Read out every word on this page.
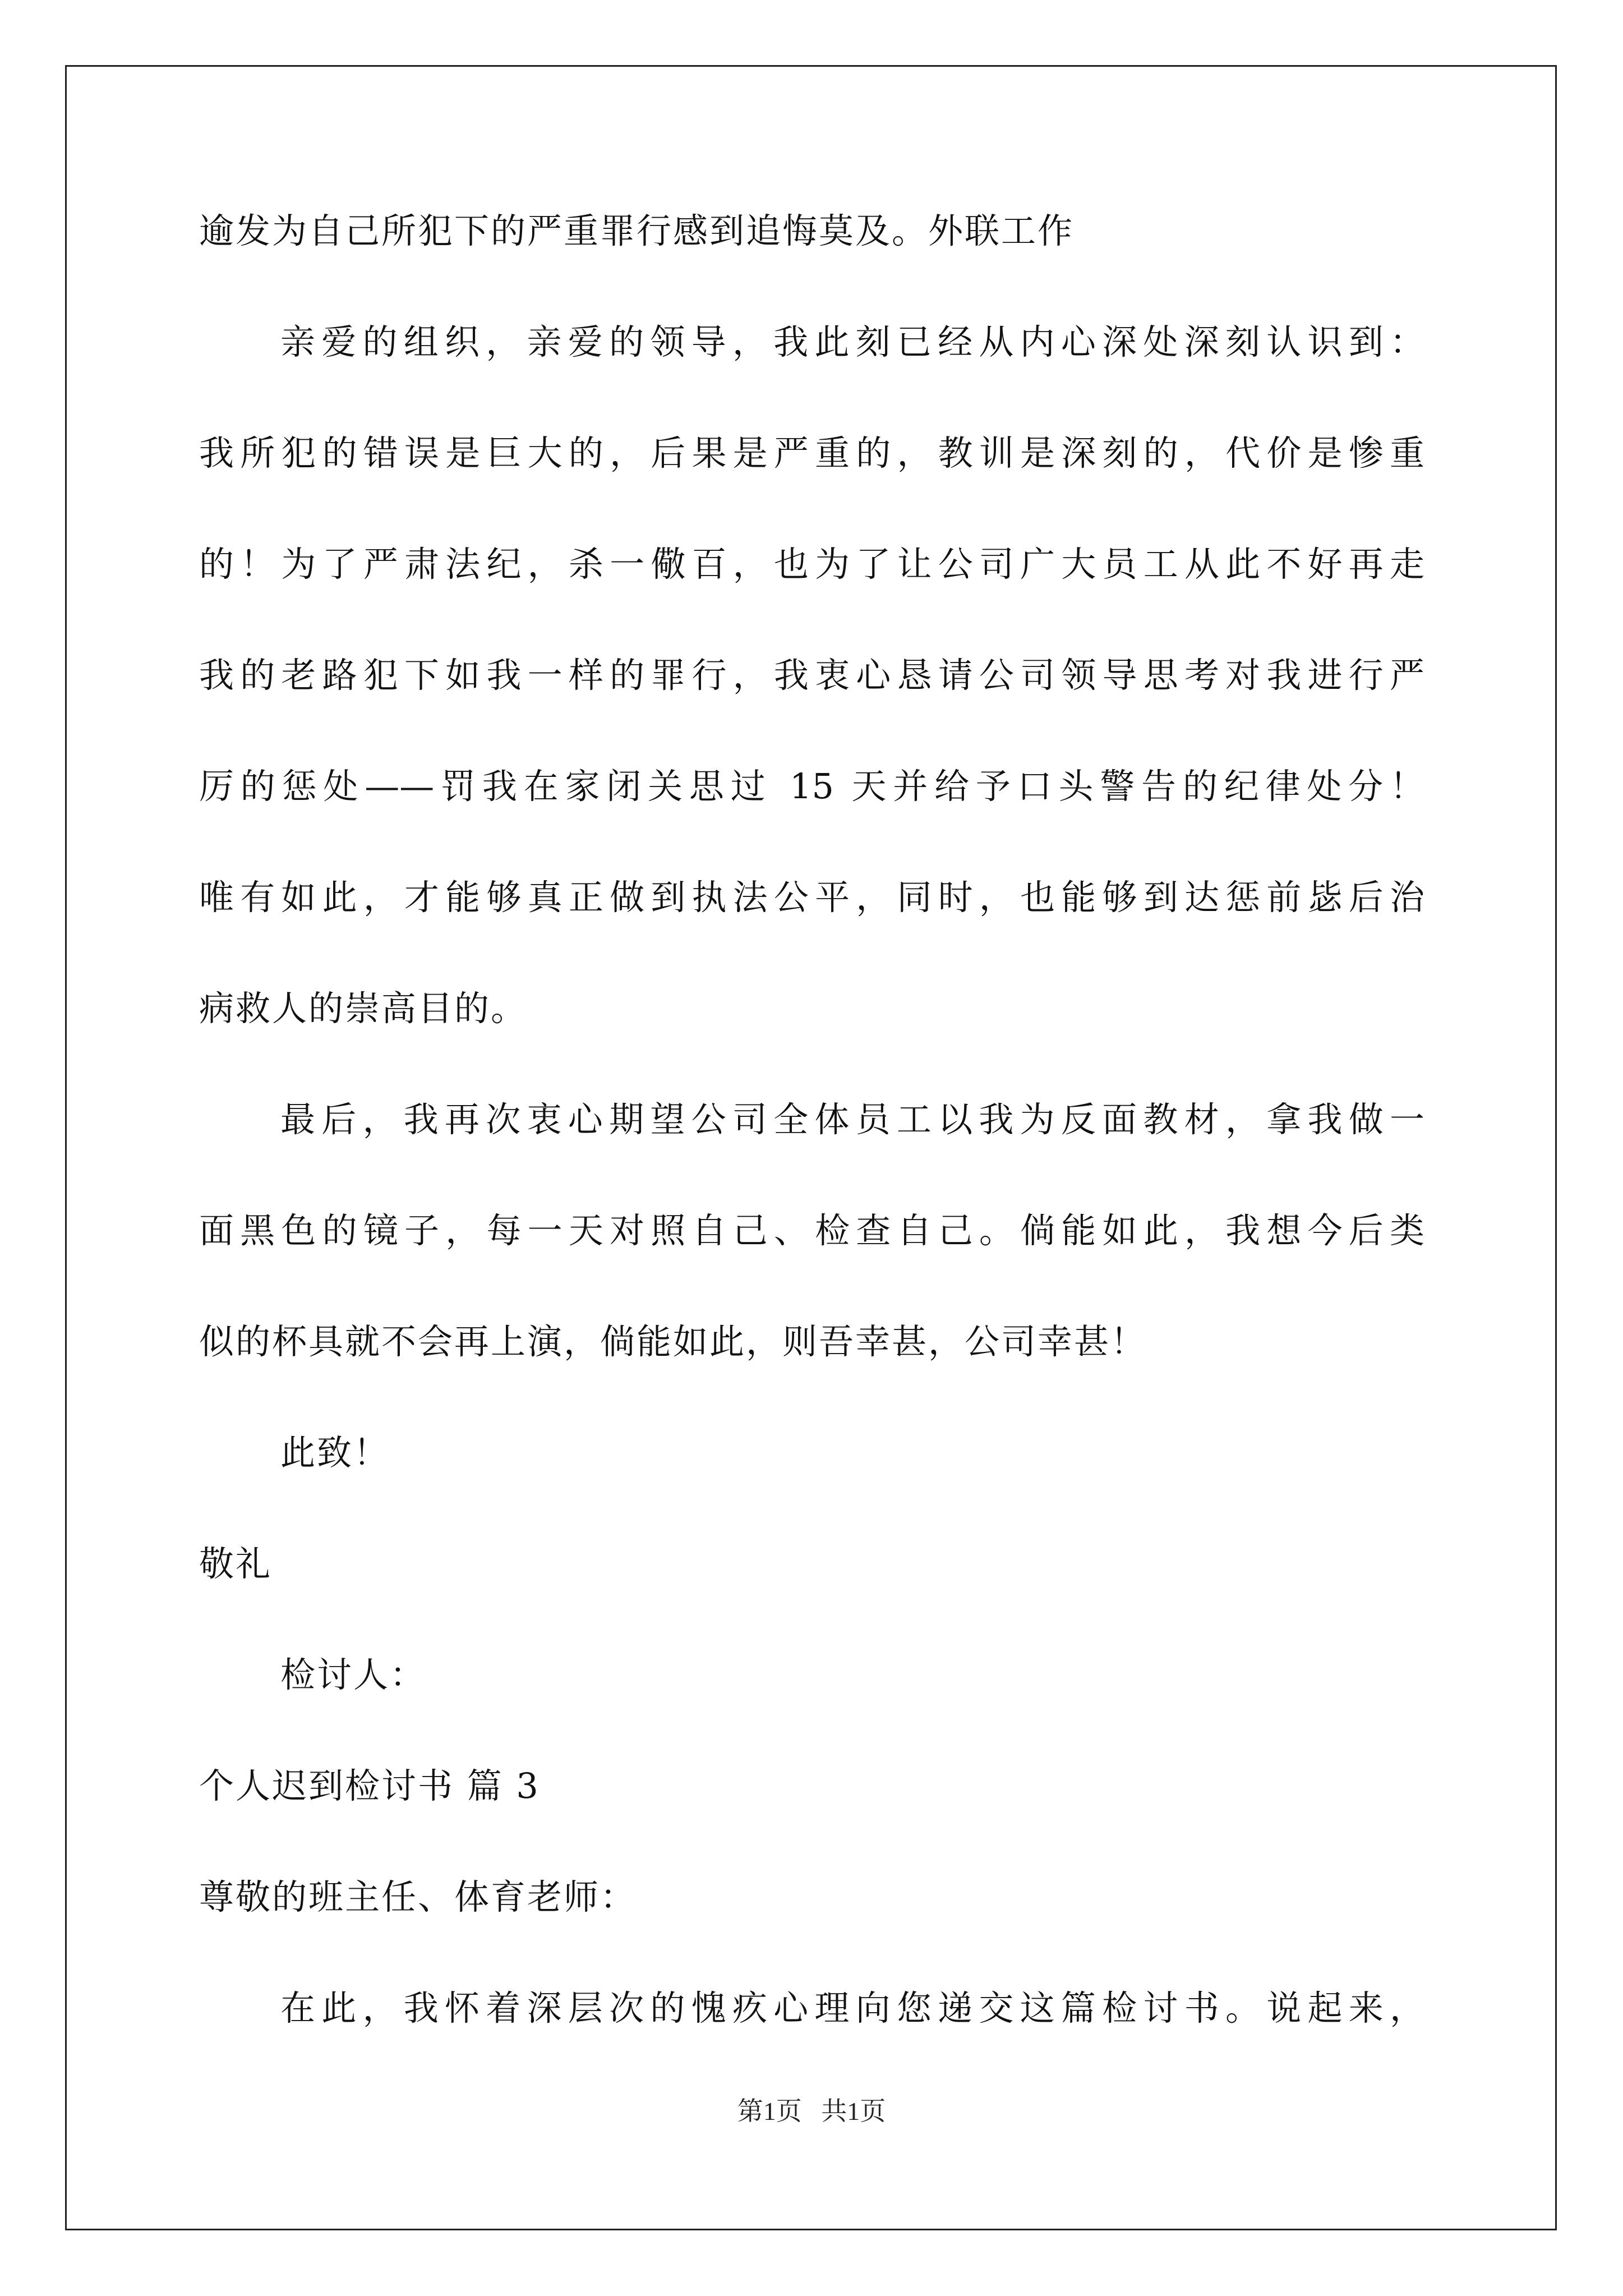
逾发为自己所犯下的严重罪行感到追悔莫及。外联工作
亲爱的组织，亲爱的领导，我此刻已经从内心深处深刻认识到：
我所犯的错误是巨大的，后果是严重的，教训是深刻的，代价是惨重
的！为了严肃法纪，杀一儆百，也为了让公司广大员工从此不好再走
我的老路犯下如我一样的罪行，我衷心恳请公司领导思考对我进行严
厉的惩处——罚我在家闭关思过 15 天并给予口头警告的纪律处分！
唯有如此，才能够真正做到执法公平，同时，也能够到达惩前毖后治
病救人的崇高目的。
最后，我再次衷心期望公司全体员工以我为反面教材，拿我做一
面黑色的镜子，每一天对照自己、检查自己。倘能如此，我想今后类
似的杯具就不会再上演，倘能如此，则吾幸甚，公司幸甚！
此致！
敬礼
检讨人：
个人迟到检讨书 篇 3
尊敬的班主任、体育老师：
在此，我怀着深层次的愧疚心理向您递交这篇检讨书。说起来，
第1页   共1页
